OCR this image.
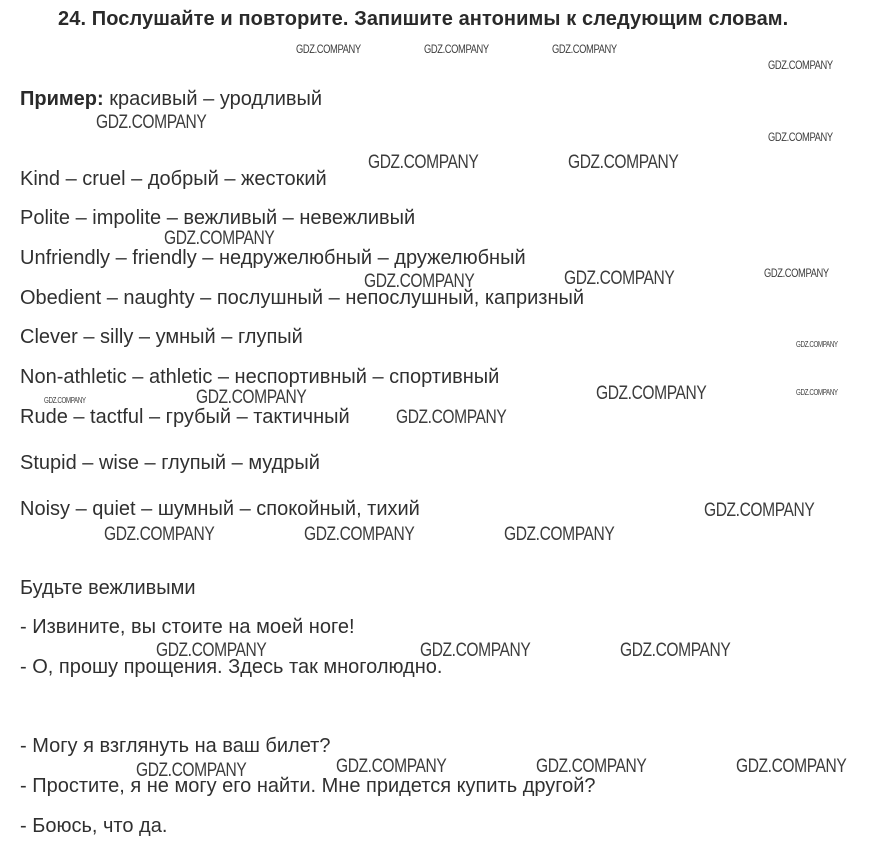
24. Послушайте и повторите. Запишите антонимы к следующим словам.
Пример: красивый – уродливый
Kind – cruel – добрый – жестокий
Polite – impolite – вежливый – невежливый
Unfriendly – friendly – недружелюбный – дружелюбный
Obedient – naughty – послушный – непослушный, капризный
Clever – silly – умный – глупый
Non-athletic – athletic – неспортивный – спортивный
Rude – tactful – грубый – тактичный
Stupid – wise – глупый – мудрый
Noisy – quiet – шумный – спокойный, тихий
Будьте вежливыми
- Извините, вы стоите на моей ноге!
- О, прошу прощения. Здесь так многолюдно.
- Могу я взглянуть на ваш билет?
- Простите, я не могу его найти. Мне придется купить другой?
- Боюсь, что да.
GDZ.COMPANY	GDZ.COMPANY	GDZ.COMPANY
GDZ.COMPANY
GDZ.COMPANY
GDZ.COMPANY
GDZ.COMPANY	GDZ.COMPANY
GDZ.COMPANY
GDZ.COMPANY	GDZ.COMPANY	GDZ.COMPANY
GDZ.COMPANY
GDZ.COMPANY	GDZ.COMPANY
GDZ.COMPANY	GDZ.COMPANY
GDZ.COMPANY
GDZ.COMPANY
GDZ.COMPANY	GDZ.COMPANY	GDZ.COMPANY
GDZ.COMPANY	GDZ.COMPANY	GDZ.COMPANY
GDZ.COMPANY	GDZ.COMPANY	GDZ.COMPANY	GDZ.COMPANY
